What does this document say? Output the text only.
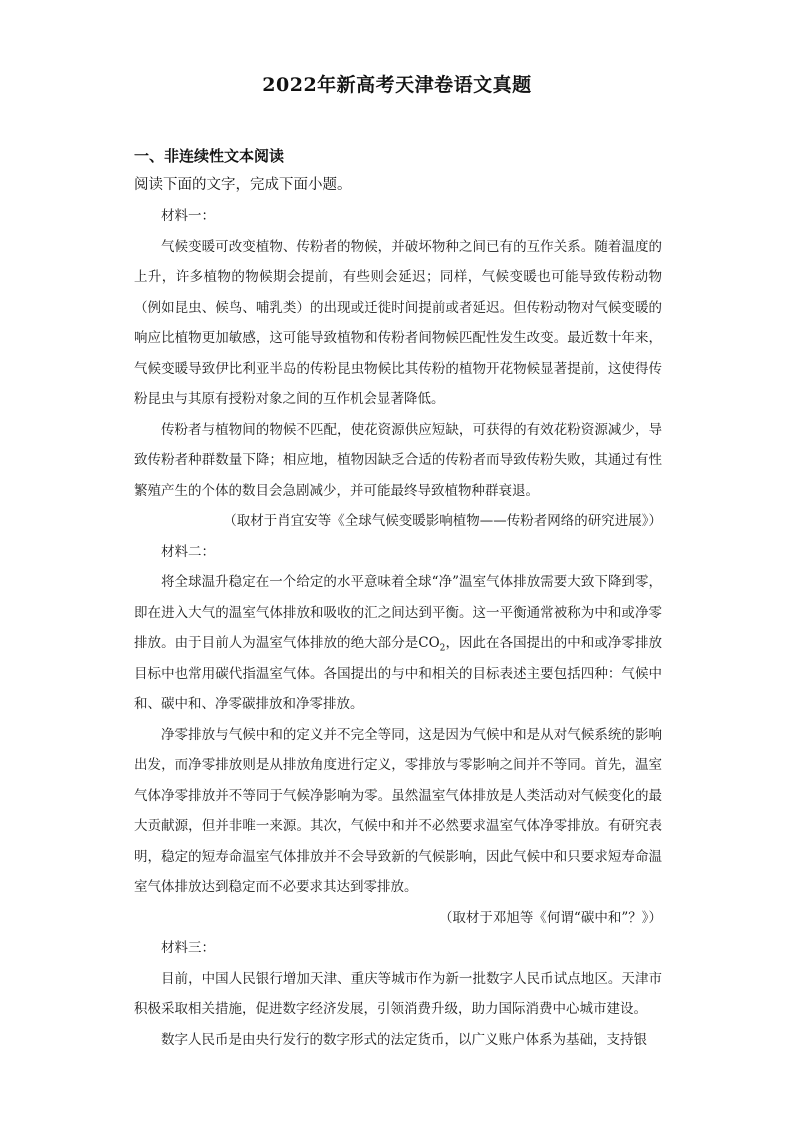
2022年新高考天津卷语文真题
一、非连续性文本阅读
阅读下面的文字，完成下面小题。

材料一：

气候变暖可改变植物、传粉者的物候，并破坏物种之间已有的互作关系。随着温度的上升，许多植物的物候期会提前，有些则会延迟；同样，气候变暖也可能导致传粉动物（例如昆虫、候鸟、哺乳类）的出现或迁徙时间提前或者延迟。但传粉动物对气候变暖的响应比植物更加敏感，这可能导致植物和传粉者间物候匹配性发生改变。最近数十年来，气候变暖导致伊比利亚半岛的传粉昆虫物候比其传粉的植物开花物候显著提前，这使得传粉昆虫与其原有授粉对象之间的互作机会显著降低。

传粉者与植物间的物候不匹配，使花资源供应短缺，可获得的有效花粉资源减少，导致传粉者种群数量下降；相应地，植物因缺乏合适的传粉者而导致传粉失败，其通过有性繁殖产生的个体的数目会急剧减少，并可能最终导致植物种群衰退。

（取材于肖宜安等《全球气候变暖影响植物——传粉者网络的研究进展》）

材料二：

将全球温升稳定在一个给定的水平意味着全球“净”温室气体排放需要大致下降到零，即在进入大气的温室气体排放和吸收的汇之间达到平衡。这一平衡通常被称为中和或净零排放。由于目前人为温室气体排放的绝大部分是$CO_2$，因此在各国提出的中和或净零排放目标中也常用碳代指温室气体。各国提出的与中和相关的目标表述主要包括四种：气候中和、碳中和、净零碳排放和净零排放。

净零排放与气候中和的定义并不完全等同，这是因为气候中和是从对气候系统的影响出发，而净零排放则是从排放角度进行定义，零排放与零影响之间并不等同。首先，温室气体净零排放并不等同于气候净影响为零。虽然温室气体排放是人类活动对气候变化的最大贡献源，但并非唯一来源。其次，气候中和并不必然要求温室气体净零排放。有研究表明，稳定的短寿命温室气体排放并不会导致新的气候影响，因此气候中和只要求短寿命温室气体排放达到稳定而不必要求其达到零排放。

（取材于邓旭等《何谓“碳中和”？》）

材料三：

目前，中国人民银行增加天津、重庆等城市作为新一批数字人民币试点地区。天津市积极采取相关措施，促进数字经济发展，引领消费升级，助力国际消费中心城市建设。

数字人民币是由央行发行的数字形式的法定货币，以广义账户体系为基础，支持银
